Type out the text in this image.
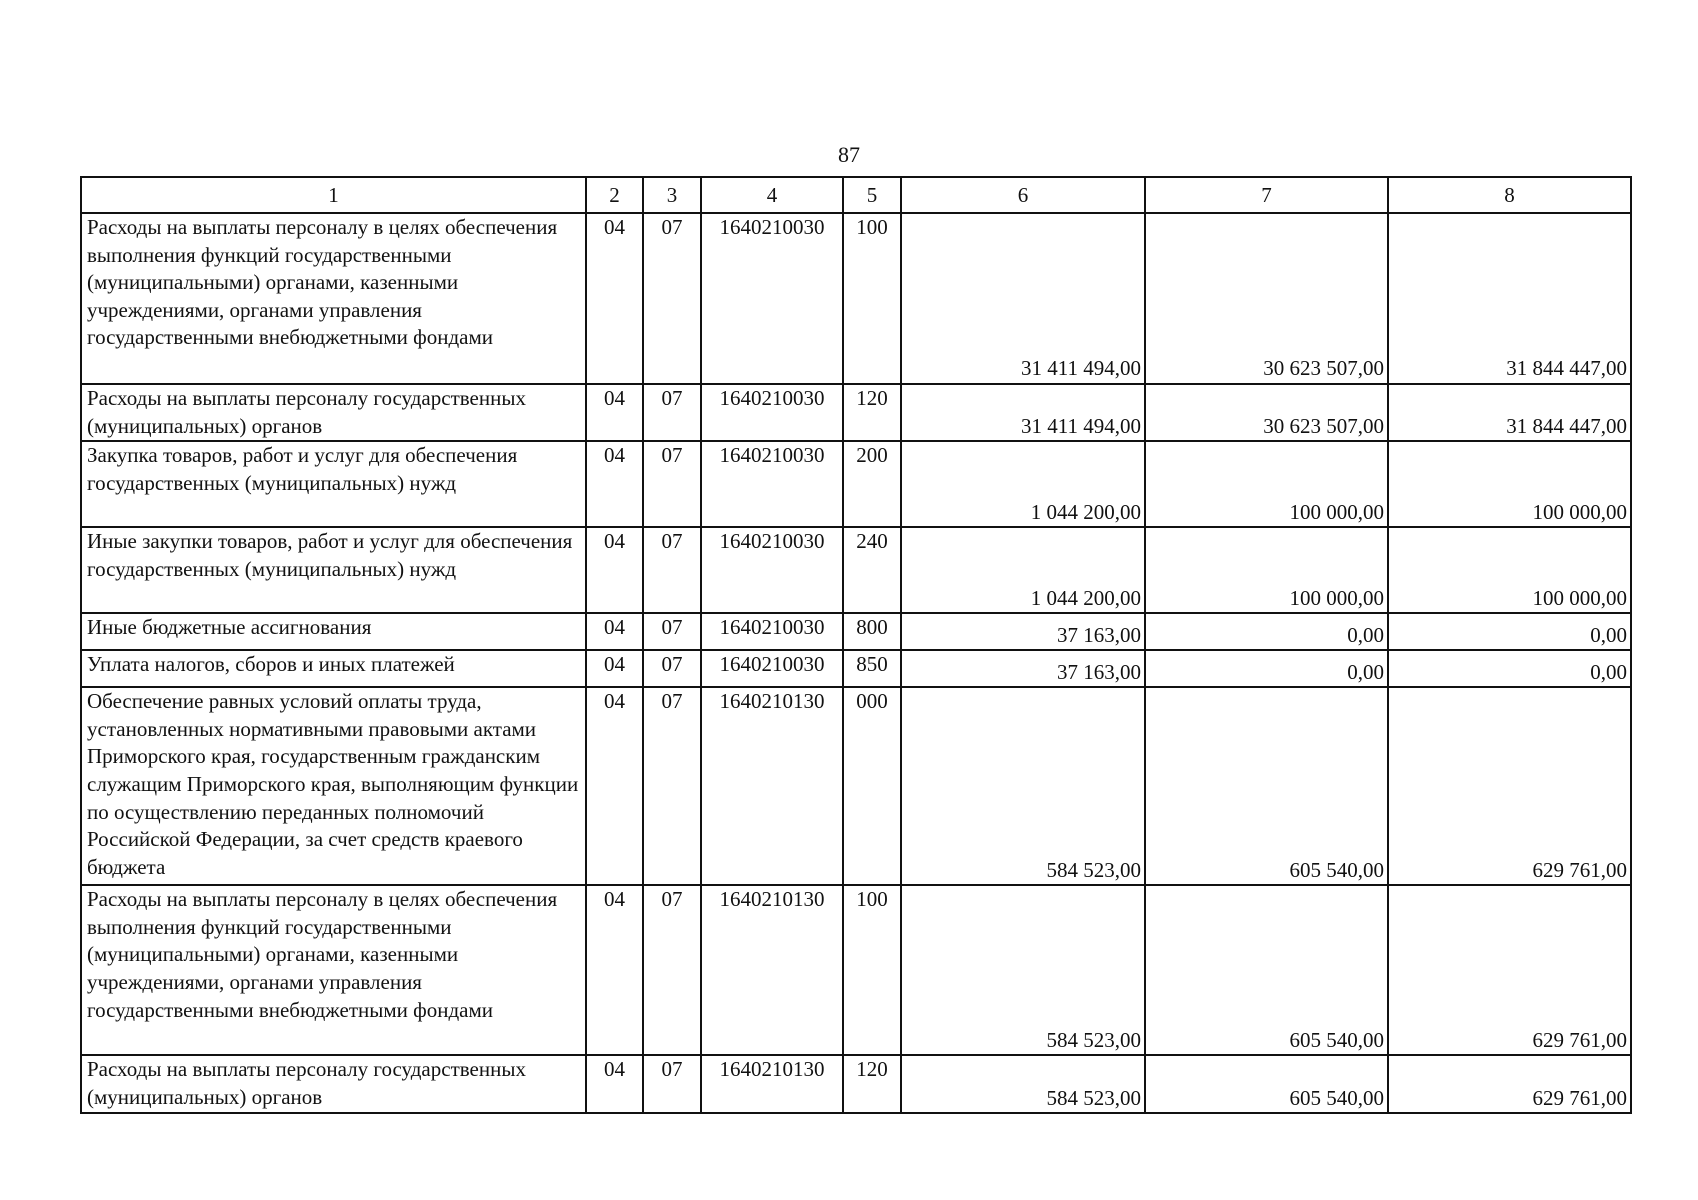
87
1	2	3	4	5	6	7	8
Расходы на выплаты персоналу в целях обеспечения выполнения функций государственными (муниципальными) органами, казенными учреждениями, органами управления государственными внебюджетными фондами	04	07	1640210030	100	31 411 494,00	30 623 507,00	31 844 447,00
Расходы на выплаты персоналу государственных (муниципальных) органов	04	07	1640210030	120	31 411 494,00	30 623 507,00	31 844 447,00
Закупка товаров, работ и услуг для обеспечения государственных (муниципальных) нужд	04	07	1640210030	200	1 044 200,00	100 000,00	100 000,00
Иные закупки товаров, работ и услуг для обеспечения государственных (муниципальных) нужд	04	07	1640210030	240	1 044 200,00	100 000,00	100 000,00
Иные бюджетные ассигнования	04	07	1640210030	800	37 163,00	0,00	0,00
Уплата налогов, сборов и иных платежей	04	07	1640210030	850	37 163,00	0,00	0,00
Обеспечение равных условий оплаты труда, установленных нормативными правовыми актами Приморского края, государственным гражданским служащим Приморского края, выполняющим функции по осуществлению переданных полномочий Российской Федерации, за счет средств краевого бюджета	04	07	1640210130	000	584 523,00	605 540,00	629 761,00
Расходы на выплаты персоналу в целях обеспечения выполнения функций государственными (муниципальными) органами, казенными учреждениями, органами управления государственными внебюджетными фондами	04	07	1640210130	100	584 523,00	605 540,00	629 761,00
Расходы на выплаты персоналу государственных (муниципальных) органов	04	07	1640210130	120	584 523,00	605 540,00	629 761,00
